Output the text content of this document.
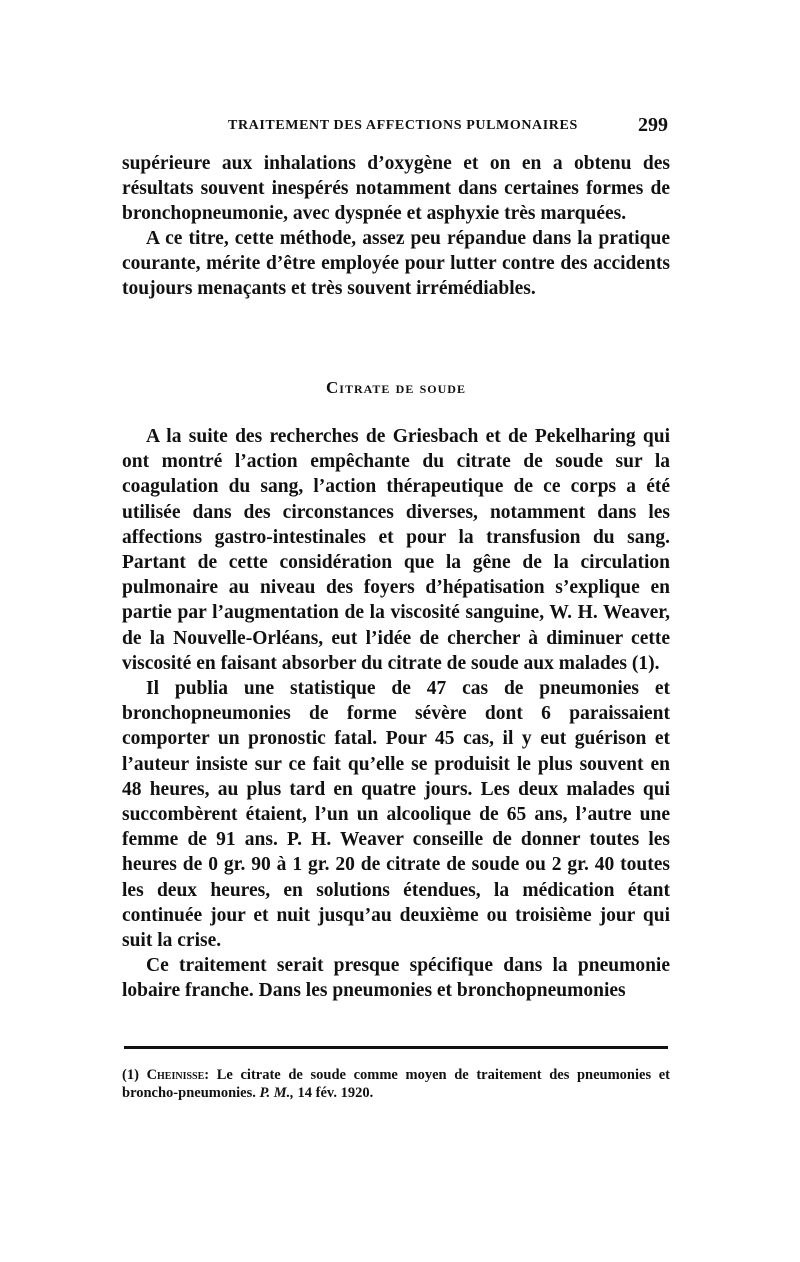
TRAITEMENT DES AFFECTIONS PULMONAIRES	299

supérieure aux inhalations d’oxygène et on en a obtenu des résultats souvent inespérés notamment dans certaines formes de bronchopneumonie, avec dyspnée et asphyxie très marquées.

A ce titre, cette méthode, assez peu répandue dans la pratique courante, mérite d’être employée pour lutter contre des accidents toujours menaçants et très souvent irrémédiables.

Citrate de soude

A la suite des recherches de Griesbach et de Pekelharing qui ont montré l’action empêchante du citrate de soude sur la coagulation du sang, l’action thérapeutique de ce corps a été utilisée dans des circonstances diverses, notamment dans les affections gastro-intestinales et pour la transfusion du sang. Partant de cette considération que la gêne de la circulation pulmonaire au niveau des foyers d’hépatisation s’explique en partie par l’augmentation de la viscosité sanguine, W. H. Weaver, de la Nouvelle-Orléans, eut l’idée de chercher à diminuer cette viscosité en faisant absorber du citrate de soude aux malades (1).

Il publia une statistique de 47 cas de pneumonies et bronchopneumonies de forme sévère dont 6 paraissaient comporter un pronostic fatal. Pour 45 cas, il y eut guérison et l’auteur insiste sur ce fait qu’elle se produisit le plus souvent en 48 heures, au plus tard en quatre jours. Les deux malades qui succombèrent étaient, l’un un alcoolique de 65 ans, l’autre une femme de 91 ans. P. H. Weaver conseille de donner toutes les heures de 0 gr. 90 à 1 gr. 20 de citrate de soude ou 2 gr. 40 toutes les deux heures, en solutions étendues, la médication étant continuée jour et nuit jusqu’au deuxième ou troisième jour qui suit la crise.

Ce traitement serait presque spécifique dans la pneumonie lobaire franche. Dans les pneumonies et bronchopneumonies

(1) Cheinisse: Le citrate de soude comme moyen de traitement des pneumonies et broncho-pneumonies. P. M., 14 fév. 1920.
